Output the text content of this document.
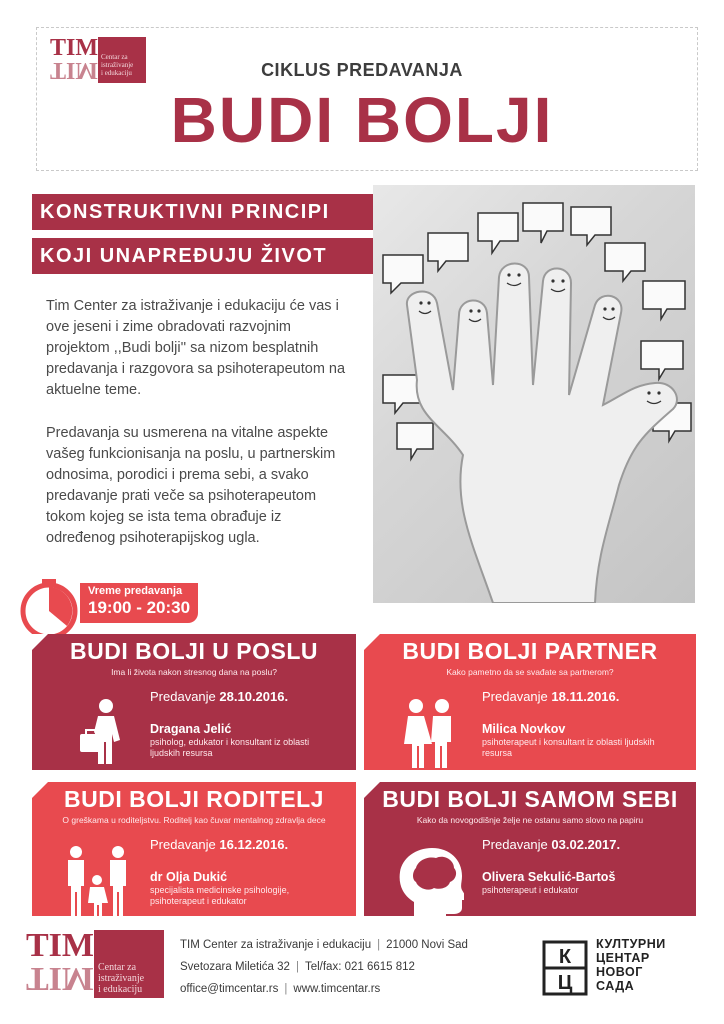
TIM
TIM Centar za
istraživanje
i edukaciju	CIKLUS PREDAVANJA
BUDI BOLJI
KONSTRUKTIVNI PRINCIPI
KOJI UNAPREĐUJU ŽIVOT

Tim Center za istraživanje i edukaciju će vas i ove jeseni i zime obradovati razvojnim projektom ,,Budi bolji'' sa nizom besplatnih predavanja i razgovora sa psihoterapeutom na aktuelne teme.

Predavanja su usmerena na vitalne aspekte vašeg funkcionisanja na poslu, u partnerskim odnosima, porodici i prema sebi, a svako predavanje prati veče sa psihoterapeutom tokom kojeg se ista tema obrađuje iz određenog psihoterapijskog ugla.

Vreme predavanja
19:00 - 20:30
BUDI BOLJI U POSLU
Ima li života nakon stresnog dana na poslu?
Predavanje 28.10.2016.
Dragana Jelić
psiholog, edukator i konsultant iz oblasti ljudskih resursa
BUDI BOLJI PARTNER
Kako pametno da se svađate sa partnerom?
Predavanje 18.11.2016.
Milica Novkov
psihoterapeut i konsultant iz oblasti ljudskih resursa
BUDI BOLJI RODITELJ
O greškama u roditeljstvu. Roditelj kao čuvar mentalnog zdravlja dece
Predavanje 16.12.2016.
dr Olja Dukić
specijalista medicinske psihologije, psihoterapeut i edukator
BUDI BOLJI SAMOM SEBI
Kako da novogodišnje želje ne ostanu samo slovo na papiru
Predavanje 03.02.2017.
Olivera Sekulić-Bartoš
psihoterapeut i edukator
TIM
TIM Centar za
istraživanje
i edukaciju
TIM Center za istraživanje i edukaciju | 21000 Novi Sad
Svetozara Miletića 32 | Tel/fax: 021 6615 812
office@timcentar.rs | www.timcentar.rs
К
Ц
КУЛТУРНИ
ЦЕНТАР
НОВОГ
САДА
